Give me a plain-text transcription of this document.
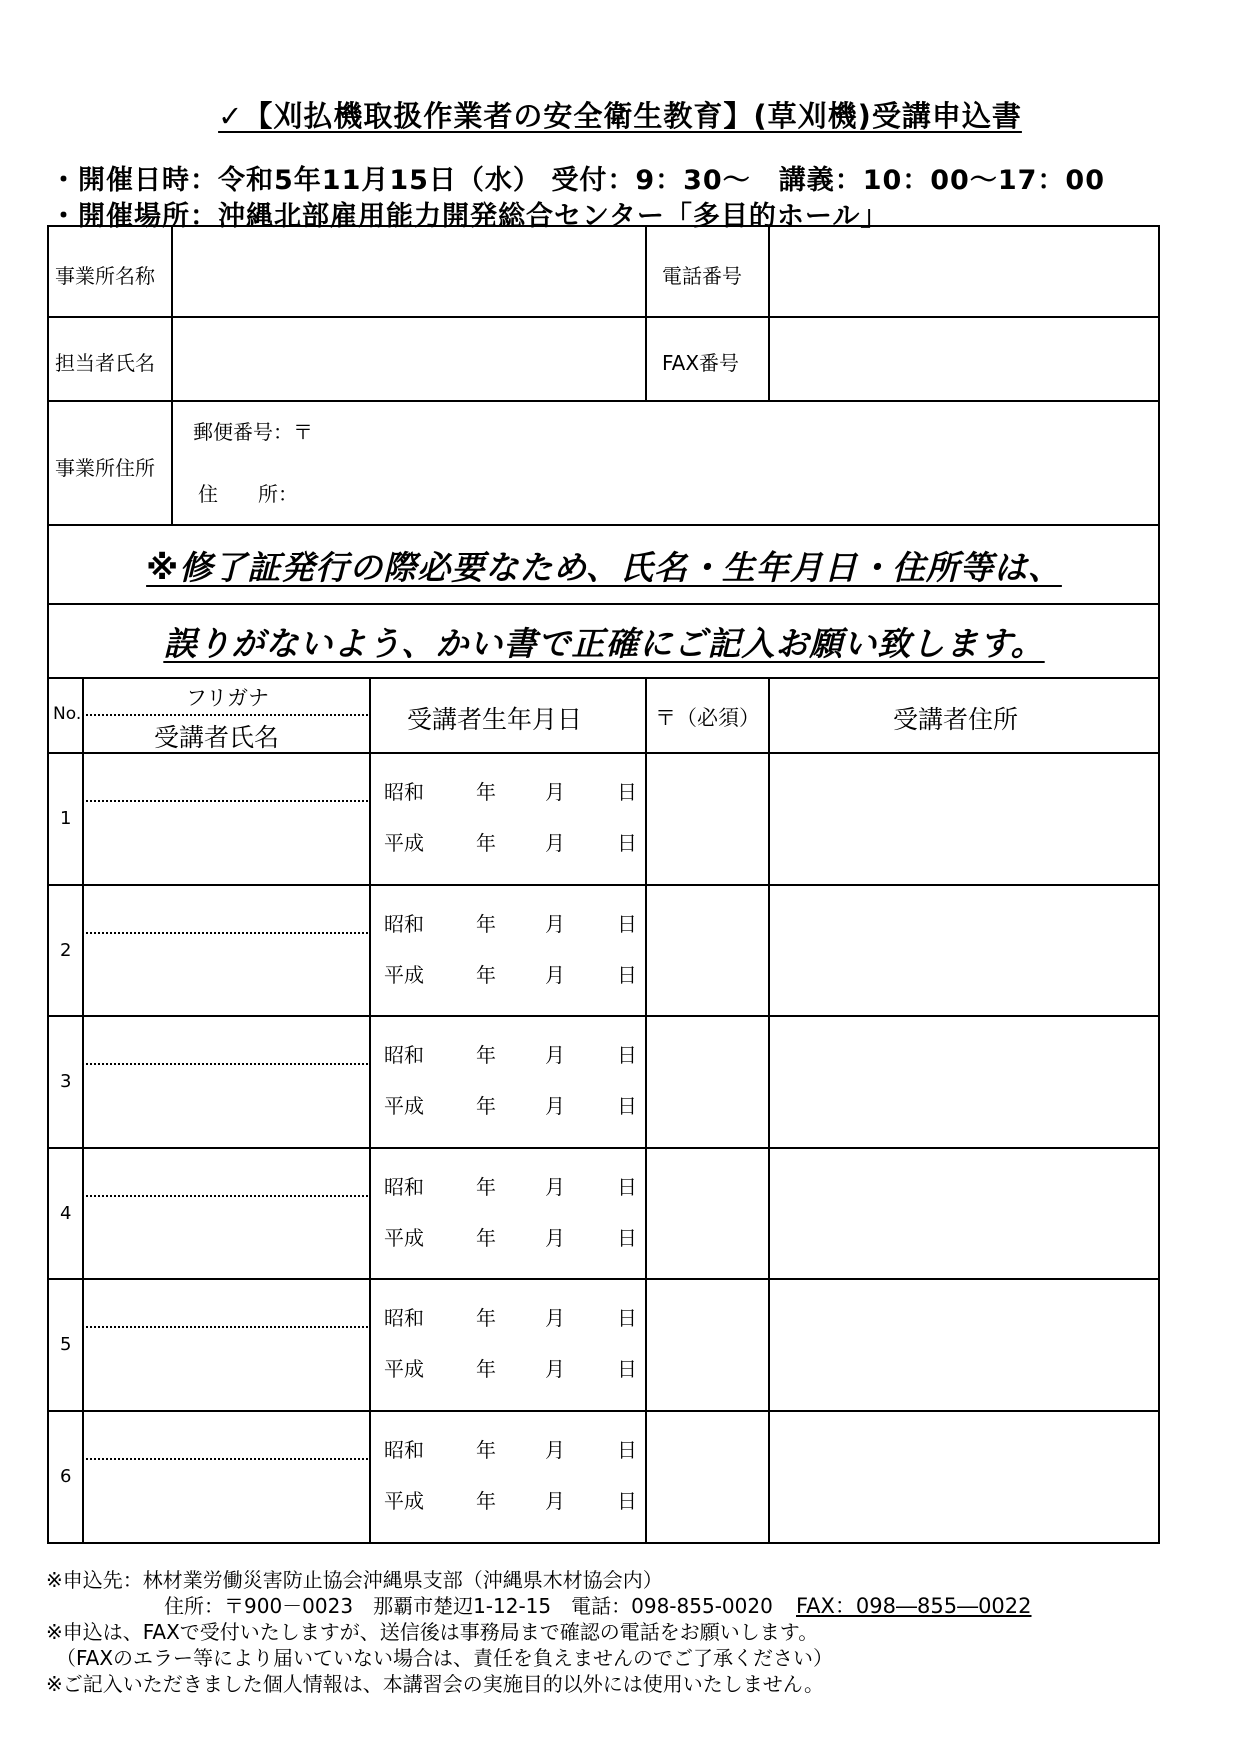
✓【刈払機取扱作業者の安全衛生教育】(草刈機)受講申込書
・開催日時：令和5年11月15日（水） 受付：9：30～　講義：10：00～17：00
・開催場所：沖縄北部雇用能力開発総合センター「多目的ホール」
事業所名称	電話番号
担当者氏名	FAX番号
事業所住所
郵便番号：〒
住　　所：
※修了証発行の際必要なため、氏名・生年月日・住所等は、
誤りがないよう、かい書で正確にご記入お願い致します。
No.
フリガナ
受講者氏名
受講者生年月日	〒（必須）	受講者住所
1
昭和	年 月	日
平成	年 月	日
2
昭和	年 月	日
平成	年 月	日
3
昭和	年 月	日
平成	年 月	日
4
昭和	年 月	日
平成	年 月	日
5
昭和	年 月	日
平成	年 月	日
6
昭和	年 月	日
平成	年 月	日
※申込先：林材業労働災害防止協会沖縄県支部（沖縄県木材協会内）
住所：〒900－0023　那覇市楚辺1-12-15　電話：098-855-0020 FAX：098―855―0022
※申込は、FAXで受付いたしますが、送信後は事務局まで確認の電話をお願いします。
（FAXのエラー等により届いていない場合は、責任を負えませんのでご了承ください）
※ご記入いただきました個人情報は、本講習会の実施目的以外には使用いたしません。
